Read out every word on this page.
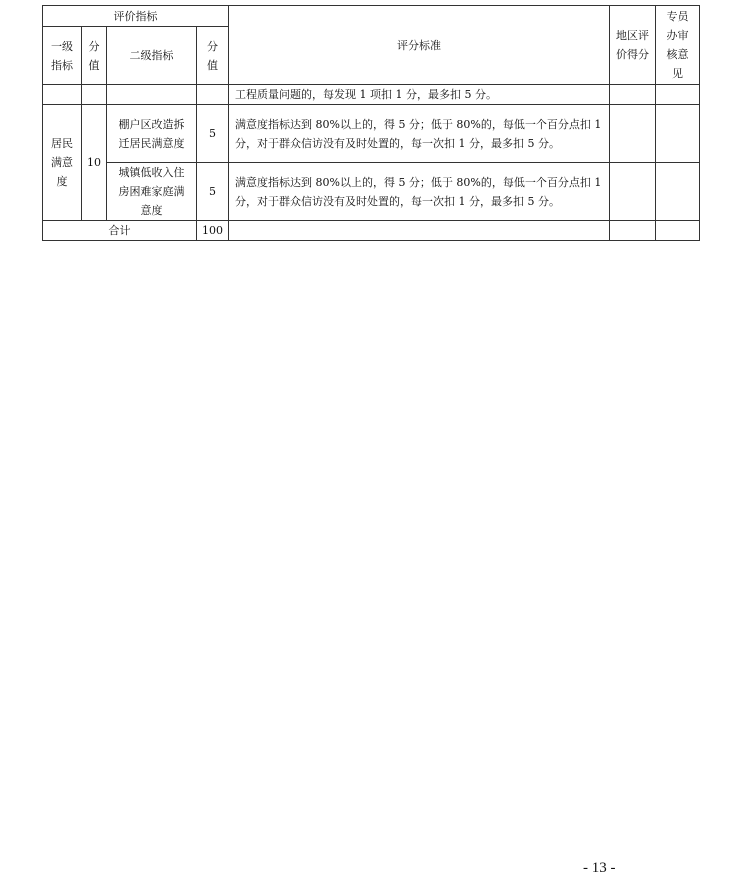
评价指标				评分标准	地区评价得分	专员办审核意见

一级指标	分值	二级指标	分值			

				工程质量问题的，每发现 1 项扣 1 分，最多扣 5 分。		

居民满意度	10	棚户区改造拆迁居民满意度	5	满意度指标达到 80%以上的，得 5 分；低于 80%的，每低一个百分点扣 1 分，对于群众信访没有及时处置的，每一次扣 1 分，最多扣 5 分。		

		城镇低收入住房困难家庭满意度	5	满意度指标达到 80%以上的，得 5 分；低于 80%的，每低一个百分点扣 1 分，对于群众信访没有及时处置的，每一次扣 1 分，最多扣 5 分。		
合计			100			
- 13 -
